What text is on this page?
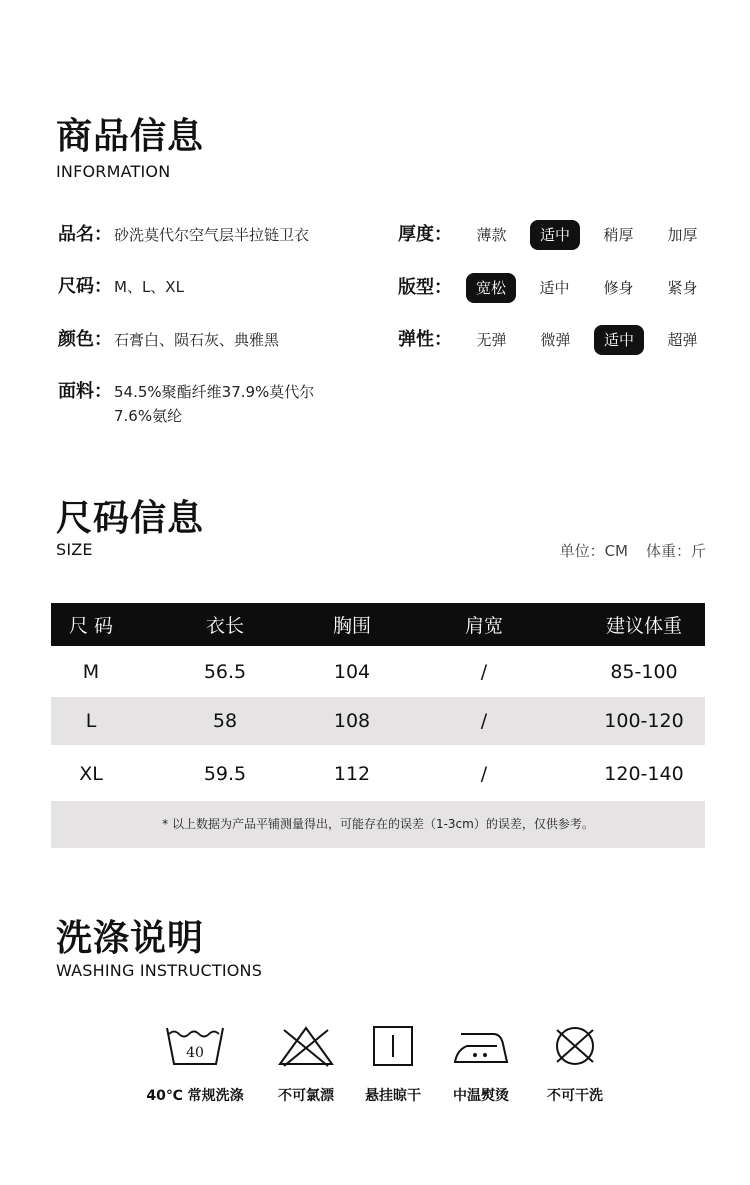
商品信息
INFORMATION
品名： 砂洗莫代尔空气层半拉链卫衣
尺码： M、L、XL
颜色： 石膏白、陨石灰、典雅黑
面料： 54.5%聚酯纤维37.9%莫代尔
7.6%氨纶
厚度：	薄款	适中	稍厚	加厚
版型：	宽松	适中	修身	紧身
弹性：	无弹	微弹	适中	超弹
尺码信息
SIZE	单位：CM 体重：斤
尺 码	衣长	胸围	肩宽	建议体重
M	56.5	104	/	85-100
L	58	108	/	100-120
XL	59.5	112	/	120-140
* 以上数据为产品平铺测量得出，可能存在的误差（1-3cm）的误差，仅供参考。
洗涤说明
WASHING INSTRUCTIONS
40
40℃ 常规洗涤	不可氯漂	悬挂晾干	中温熨烫	不可干洗
